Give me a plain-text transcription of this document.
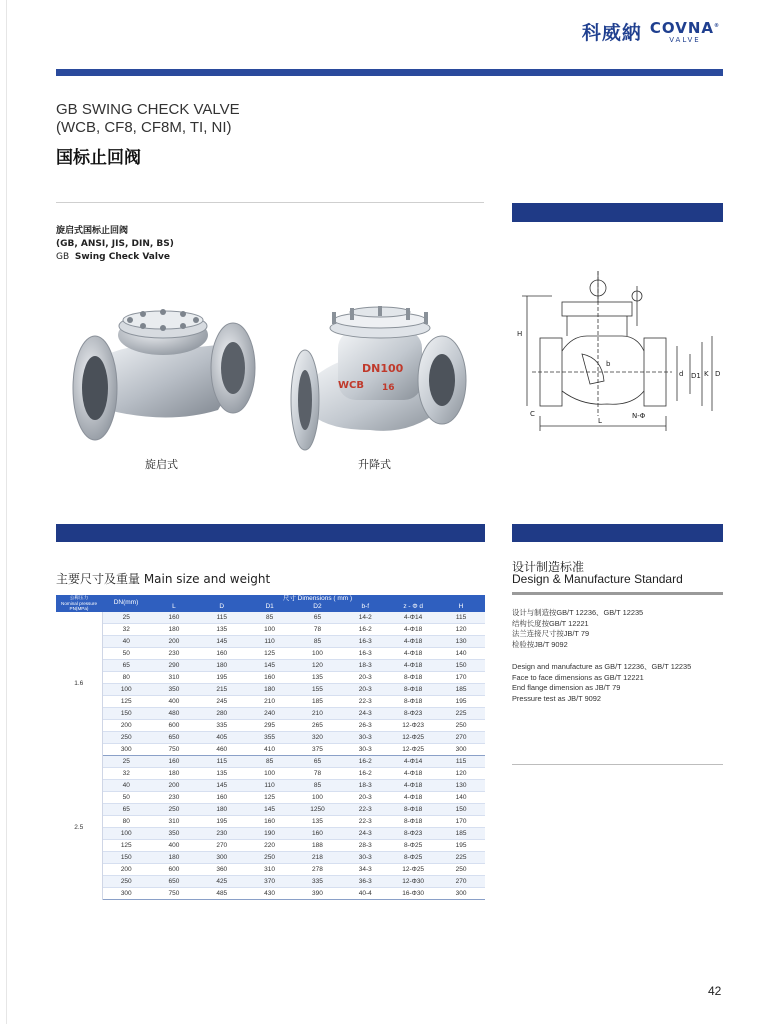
科威納 COVNA®
VALVE
GB SWING CHECK VALVE
(WCB, CF8, CF8M, TI, NI)
国标止回阀
旋启式国标止回阀
(GB, ANSI, JIS, DIN, BS)
GB Swing Check Valve
旋启式
DN100
16
WCB
升降式
H
L
D
K
D1
d
b
C	N-Φ
主要尺寸及重量 Main size and weight
设计制造标准
Design & Manufacture Standard
设计与制造按GB/T 12236、GB/T 12235
结构长度按GB/T 12221
法兰连接尺寸按JB/T 79
检验按JB/T 9092
Design and manufacture as GB/T 12236、GB/T 12235
Face to face dimensions as GB/T 12221
End flange dimension as JB/T 79
Pressure test as JB/T 9092
公称压力
Nominal pressure
PN(MPa)	DN(mm)	尺寸 Dimensions ( mm )						
		L	D	D1	D2	b-f	z - Φ d	H
1.6	25	160	115	85	65	14-2	4-Φ14	115
	32	180	135	100	78	16-2	4-Φ18	120
	40	200	145	110	85	16-3	4-Φ18	130
	50	230	160	125	100	16-3	4-Φ18	140
	65	290	180	145	120	18-3	4-Φ18	150
	80	310	195	160	135	20-3	8-Φ18	170
	100	350	215	180	155	20-3	8-Φ18	185
	125	400	245	210	185	22-3	8-Φ18	195
	150	480	280	240	210	24-3	8-Φ23	225
	200	600	335	295	265	26-3	12-Φ23	250
	250	650	405	355	320	30-3	12-Φ25	270
	300	750	460	410	375	30-3	12-Φ25	300
2.5	25	160	115	85	65	16-2	4-Φ14	115
	32	180	135	100	78	16-2	4-Φ18	120
	40	200	145	110	85	18-3	4-Φ18	130
	50	230	160	125	100	20-3	4-Φ18	140
	65	250	180	145	1250	22-3	8-Φ18	150
	80	310	195	160	135	22-3	8-Φ18	170
	100	350	230	190	160	24-3	8-Φ23	185
	125	400	270	220	188	28-3	8-Φ25	195
	150	180	300	250	218	30-3	8-Φ25	225
	200	600	360	310	278	34-3	12-Φ25	250
	250	650	425	370	335	36-3	12-Φ30	270
	300	750	485	430	390	40-4	16-Φ30	300
42
